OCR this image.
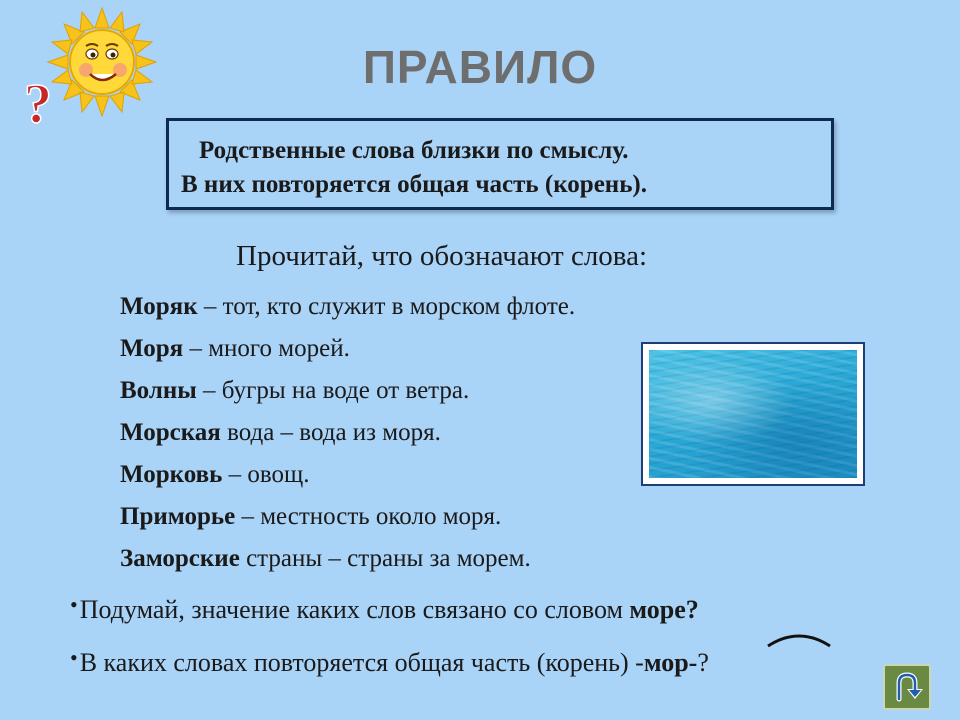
?
ПРАВИЛО
Родственные слова близки по смыслу.
В них повторяется общая часть (корень).
Прочитай, что обозначают слова:
Моряк – тот, кто служит в морском флоте.
Моря – много морей.
Волны – бугры на воде от ветра.
Морская вода – вода из моря.
Морковь – овощ.
Приморье – местность около моря.
Заморские страны – страны за морем.
•Подумай, значение каких слов связано со словом море?
•В каких словах повторяется общая часть (корень) -мор-?
